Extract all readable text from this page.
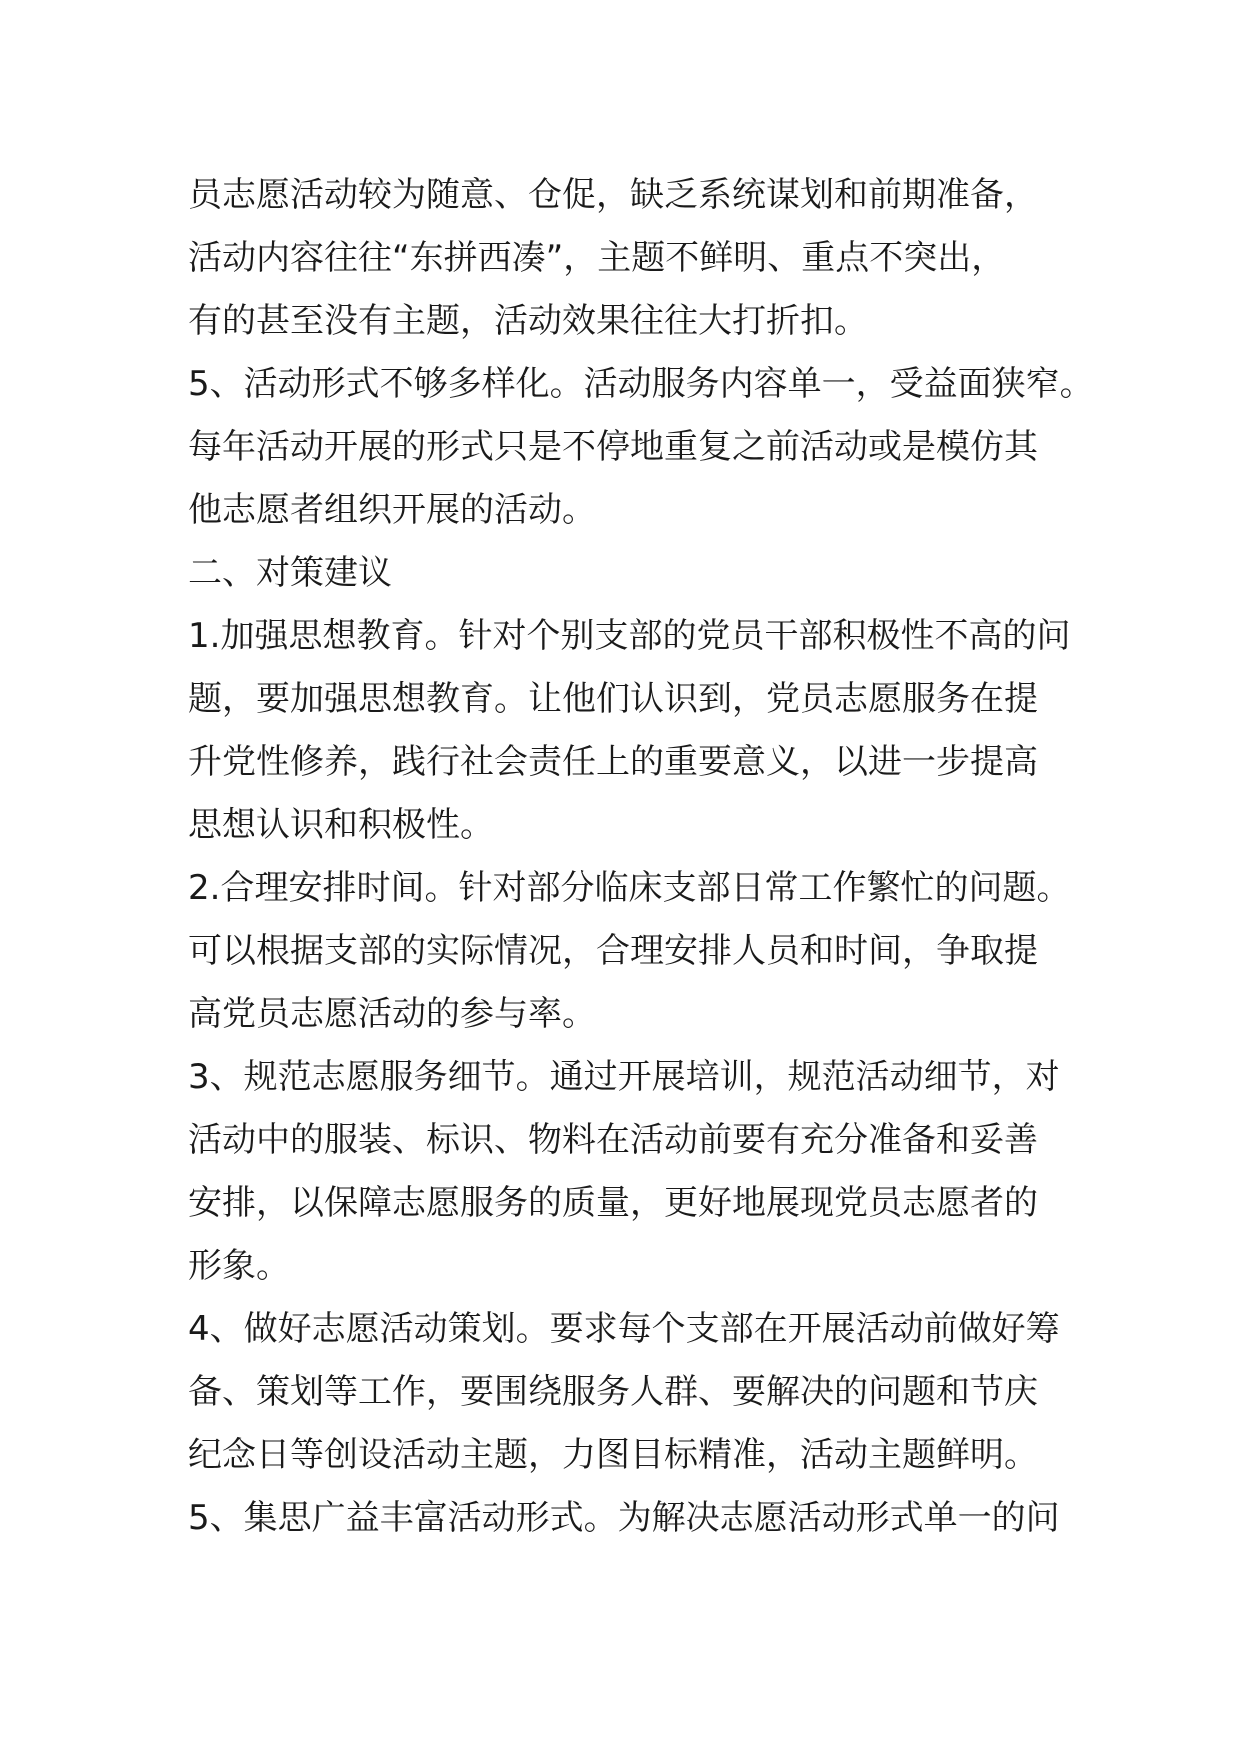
员志愿活动较为随意、仓促，缺乏系统谋划和前期准备，
活动内容往往“东拼西凑”，主题不鲜明、重点不突出，
有的甚至没有主题，活动效果往往大打折扣。
5、活动形式不够多样化。活动服务内容单一，受益面狭窄。
每年活动开展的形式只是不停地重复之前活动或是模仿其
他志愿者组织开展的活动。
二、对策建议
1.加强思想教育。针对个别支部的党员干部积极性不高的问
题，要加强思想教育。让他们认识到，党员志愿服务在提
升党性修养，践行社会责任上的重要意义，以进一步提高
思想认识和积极性。
2.合理安排时间。针对部分临床支部日常工作繁忙的问题。
可以根据支部的实际情况，合理安排人员和时间，争取提
高党员志愿活动的参与率。
3、规范志愿服务细节。通过开展培训，规范活动细节，对
活动中的服装、标识、物料在活动前要有充分准备和妥善
安排，以保障志愿服务的质量，更好地展现党员志愿者的
形象。
4、做好志愿活动策划。要求每个支部在开展活动前做好筹
备、策划等工作，要围绕服务人群、要解决的问题和节庆
纪念日等创设活动主题，力图目标精准，活动主题鲜明。
5、集思广益丰富活动形式。为解决志愿活动形式单一的问
